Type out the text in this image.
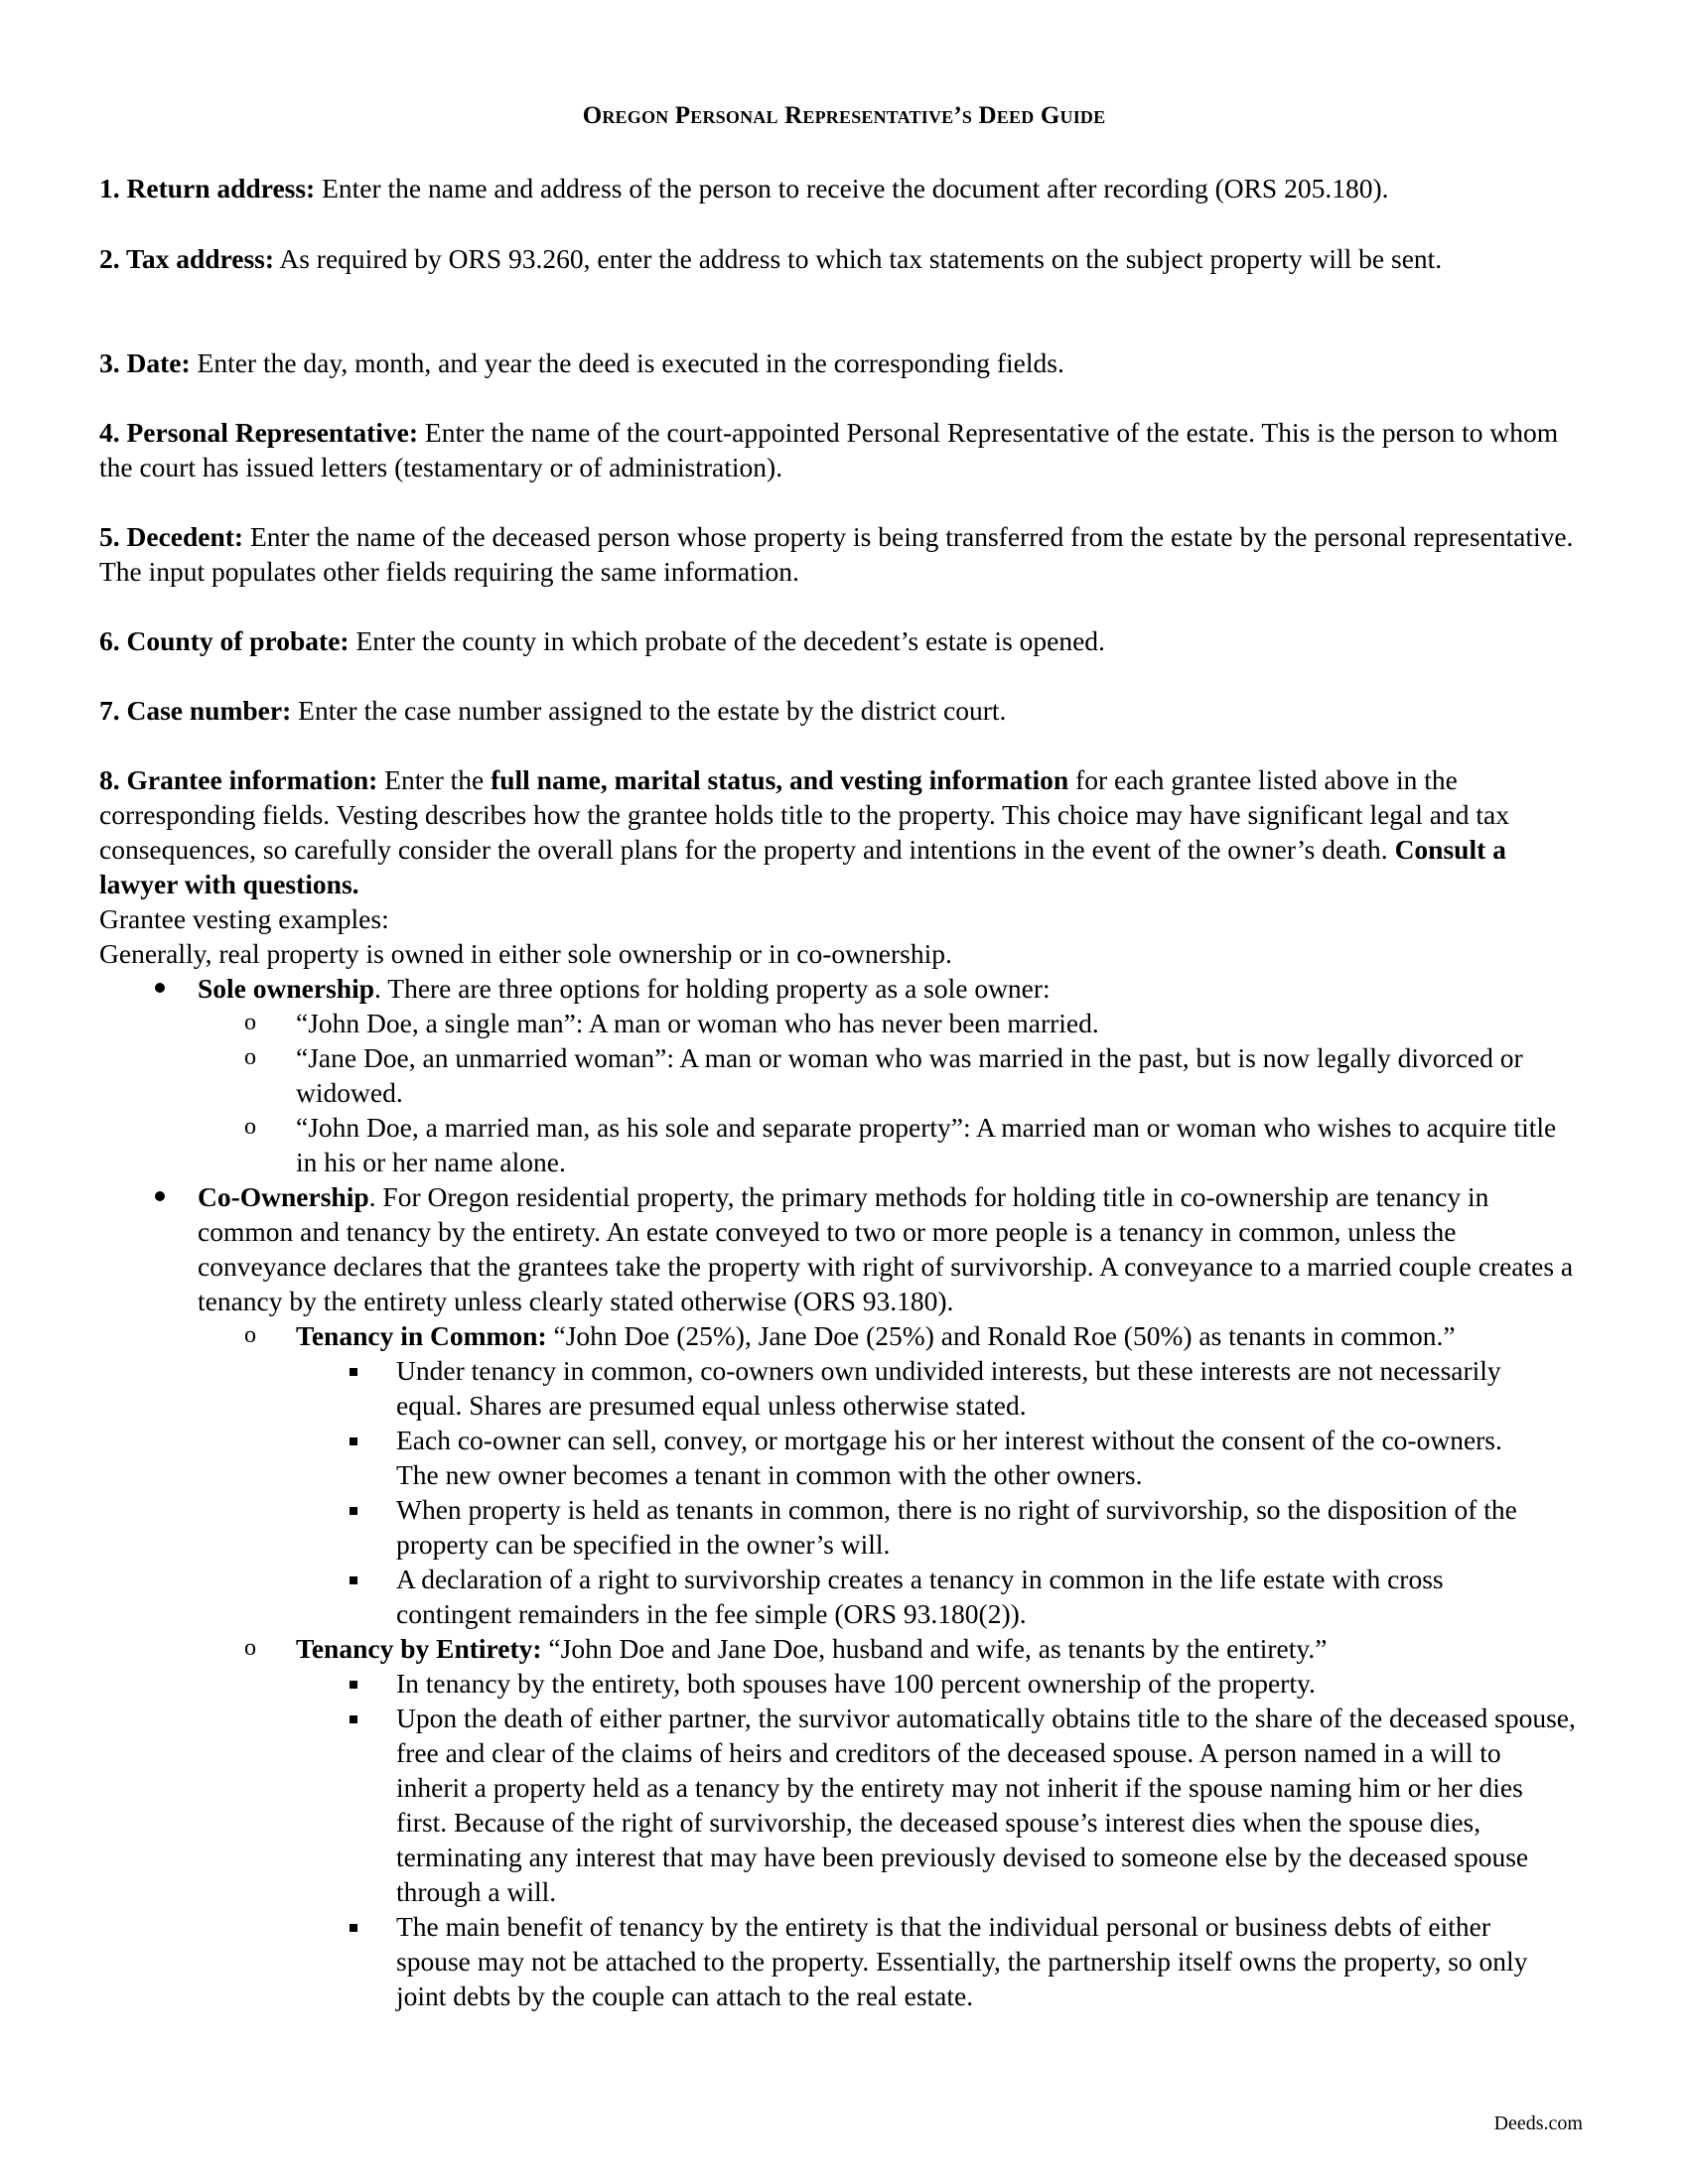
Oregon Personal Representative’s Deed Guide
1. Return address: Enter the name and address of the person to receive the document after recording (ORS 205.180).
2. Tax address: As required by ORS 93.260, enter the address to which tax statements on the subject property will be sent.
3. Date: Enter the day, month, and year the deed is executed in the corresponding fields.
4. Personal Representative: Enter the name of the court-appointed Personal Representative of the estate. This is the person to whom the court has issued letters (testamentary or of administration).
5. Decedent: Enter the name of the deceased person whose property is being transferred from the estate by the personal representative. The input populates other fields requiring the same information.
6. County of probate: Enter the county in which probate of the decedent’s estate is opened.
7. Case number: Enter the case number assigned to the estate by the district court.
8. Grantee information: Enter the full name, marital status, and vesting information for each grantee listed above in the corresponding fields. Vesting describes how the grantee holds title to the property. This choice may have significant legal and tax consequences, so carefully consider the overall plans for the property and intentions in the event of the owner’s death. Consult a lawyer with questions.
Grantee vesting examples:
Generally, real property is owned in either sole ownership or in co-ownership.
Sole ownership. There are three options for holding property as a sole owner:
o “John Doe, a single man”: A man or woman who has never been married.
o “Jane Doe, an unmarried woman”: A man or woman who was married in the past, but is now legally divorced or widowed.
o “John Doe, a married man, as his sole and separate property”: A married man or woman who wishes to acquire title in his or her name alone.
Co-Ownership. For Oregon residential property, the primary methods for holding title in co-ownership are tenancy in common and tenancy by the entirety. An estate conveyed to two or more people is a tenancy in common, unless the conveyance declares that the grantees take the property with right of survivorship. A conveyance to a married couple creates a tenancy by the entirety unless clearly stated otherwise (ORS 93.180).
o Tenancy in Common: “John Doe (25%), Jane Doe (25%) and Ronald Roe (50%) as tenants in common.”
Under tenancy in common, co-owners own undivided interests, but these interests are not necessarily equal. Shares are presumed equal unless otherwise stated.
Each co-owner can sell, convey, or mortgage his or her interest without the consent of the co-owners. The new owner becomes a tenant in common with the other owners.
When property is held as tenants in common, there is no right of survivorship, so the disposition of the property can be specified in the owner’s will.
A declaration of a right to survivorship creates a tenancy in common in the life estate with cross contingent remainders in the fee simple (ORS 93.180(2)).
o Tenancy by Entirety: “John Doe and Jane Doe, husband and wife, as tenants by the entirety.”
In tenancy by the entirety, both spouses have 100 percent ownership of the property.
Upon the death of either partner, the survivor automatically obtains title to the share of the deceased spouse, free and clear of the claims of heirs and creditors of the deceased spouse. A person named in a will to inherit a property held as a tenancy by the entirety may not inherit if the spouse naming him or her dies first. Because of the right of survivorship, the deceased spouse’s interest dies when the spouse dies, terminating any interest that may have been previously devised to someone else by the deceased spouse through a will.
The main benefit of tenancy by the entirety is that the individual personal or business debts of either spouse may not be attached to the property. Essentially, the partnership itself owns the property, so only joint debts by the couple can attach to the real estate.
Deeds.com
